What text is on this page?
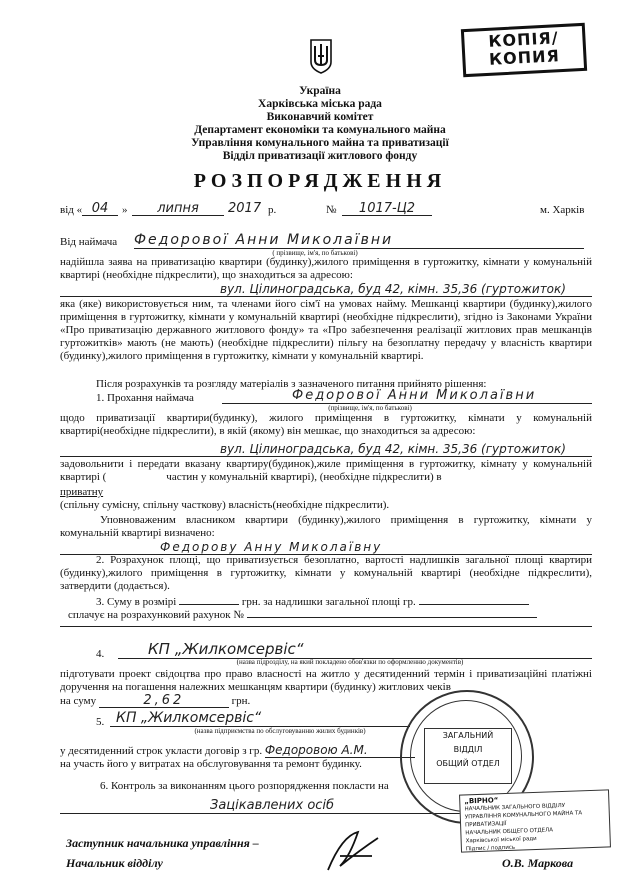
КОПІЯ/ КОПИЯ
Україна
Харківська міська рада
Виконавчий комітет
Департамент економіки та комунального майна
Управління комунального майна та приватизації
Відділ приватизації житлового фонду
РОЗПОРЯДЖЕННЯ
від « 04	»	липня	2017 р.	№	1017-Ц2	м. Харків
Від наймача Федорової Анни Миколаївни
( прізвище, ім'я, по батькові)
надійшла заява на приватизацію квартири (будинку),жилого приміщення в гуртожитку, кімнати у комунальній квартирі (необхідне підкреслити), що знаходиться за адресою:
вул. Цілиноградська, буд 42, кімн. 35,36 (гуртожиток)
яка (яке) використовується ним, та членами його сім'ї на умовах найму. Мешканці квартири (будинку),жилого приміщення в гуртожитку, кімнати у комунальній квартирі (необхідне підкреслити), згідно із Законами України «Про приватизацію державного житлового фонду» та «Про забезпечення реалізації житлових прав мешканців гуртожитків» мають (не мають) (необхідне підкреслити) пільгу на безоплатну передачу у власність квартири (будинку),жилого приміщення в гуртожитку, кімнати у комунальній квартирі.
Після розрахунків та розгляду матеріалів з зазначеного питання прийнято рішення:
1. Прохання наймача	Федорової Анни Миколаївни
(прізвище, ім'я, по батькові)
щодо приватизації квартири(будинку), жилого приміщення в гуртожитку, кімнати у комунальній квартирі(необхідне підкреслити), в якій (якому) він мешкає, що знаходиться за адресою:
вул. Цілиноградська, буд 42, кімн. 35,36 (гуртожиток)
задовольнити і передати вказану квартиру(будинок),жиле приміщення в гуртожитку, кімнату у комунальній квартирі (	частин у комунальній квартирі), (необхідне підкреслити) в
приватну
(спільну сумісну, спільну часткову) власність(необхідне підкреслити).
Уповноваженим власником квартири (будинку),жилого приміщення в гуртожитку, кімнати у комунальній квартирі визначено:
Федорову Анну Миколаївну
2. Розрахунок площі, що приватизується безоплатно, вартості надлишків загальної площі квартири (будинку),жилого приміщення в гуртожитку, кімнати у комунальній квартирі (необхідне підкреслити), затвердити (додається).
3. Суму в розмірі	грн. за надлишки загальної площі гр.
сплачує на розрахунковий рахунок №
4.	КП „Жилкомсервіс“
(назва підрозділу, на який покладено обов'язки по оформленню документів)
підготувати проект свідоцтва про право власності на житло у десятиденний термін і приватизаційні платіжні доручення на погашення належних мешканцям квартири (будинку) житлових чеків
на суму	2,62	грн.
5. КП „Жилкомсервіс“
(назва підприємства по обслуговуванню жилих будинків)
у десятиденний строк укласти договір з гр. Федоровою А.М.
на участь його у витратах на обслуговування та ремонт будинку.
6. Контроль за виконанням цього розпорядження покласти на
Зацікавлених осіб
Заступник начальника управління –
Начальник відділу	О.В. Маркова
ЗАГАЛЬНИЙ
ВІДДІЛ
ОБЩИЙ ОТДЕЛ
„ВІРНО“
НАЧАЛЬНИК ЗАГАЛЬНОГО ВІДДІЛУ
УПРАВЛІННЯ КОМУНАЛЬНОГО МАЙНА ТА ПРИВАТИЗАЦІЇ
НАЧАЛЬНИК ОБЩЕГО ОТДЕЛА
Харківської міської ради
Підпис / подпись
